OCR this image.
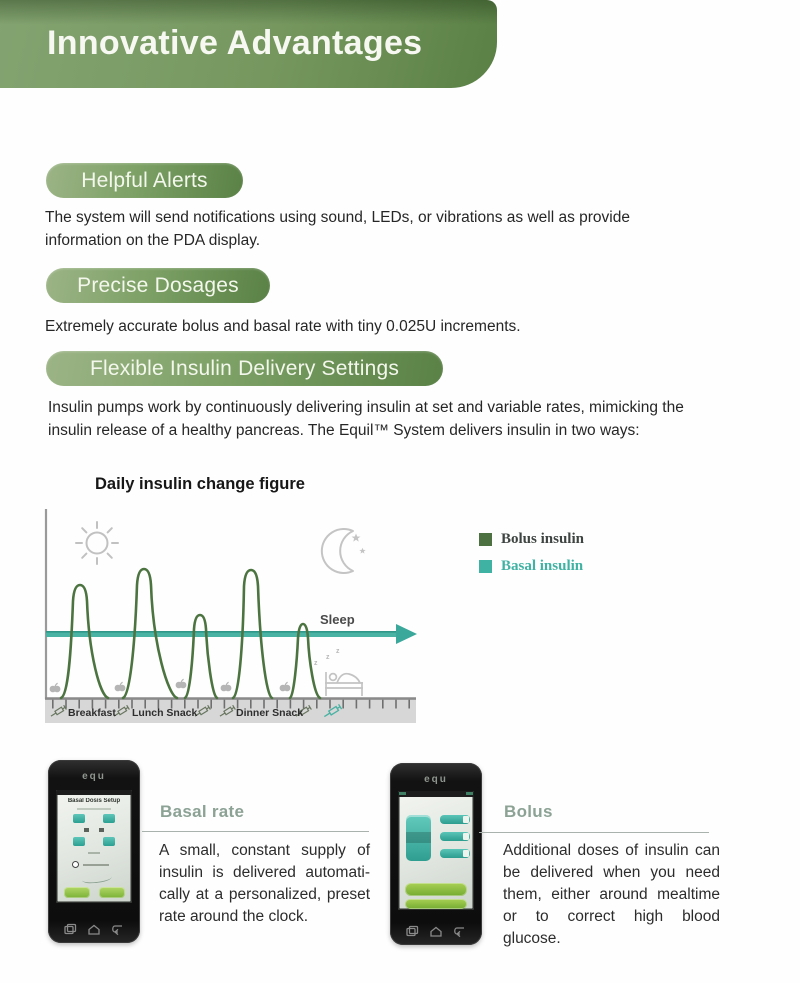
Innovative Advantages
Helpful Alerts

The system will send notifications using sound, LEDs, or vibrations as well as provide information on the PDA display.

Precise Dosages

Extremely accurate bolus and basal rate with tiny 0.025U increments.

Flexible Insulin Delivery Settings

Insulin pumps work by continuously delivering insulin at set and variable rates, mimicking the insulin release of a healthy pancreas. The Equil™ System delivers insulin in two ways:

Daily insulin change figure
Sleep
z
z
z
Breakfast Lunch Snack	Dinner Snack
Bolus insulin
Basal insulin
equ
Basal Dosis Setup

Basal rate

A small, constant supply of insulin is delivered automatically at a personalized, preset rate around the clock.

equ

Bolus

Additional doses of insulin can be delivered when you need them, either around mealtime or to correct high blood glucose.
